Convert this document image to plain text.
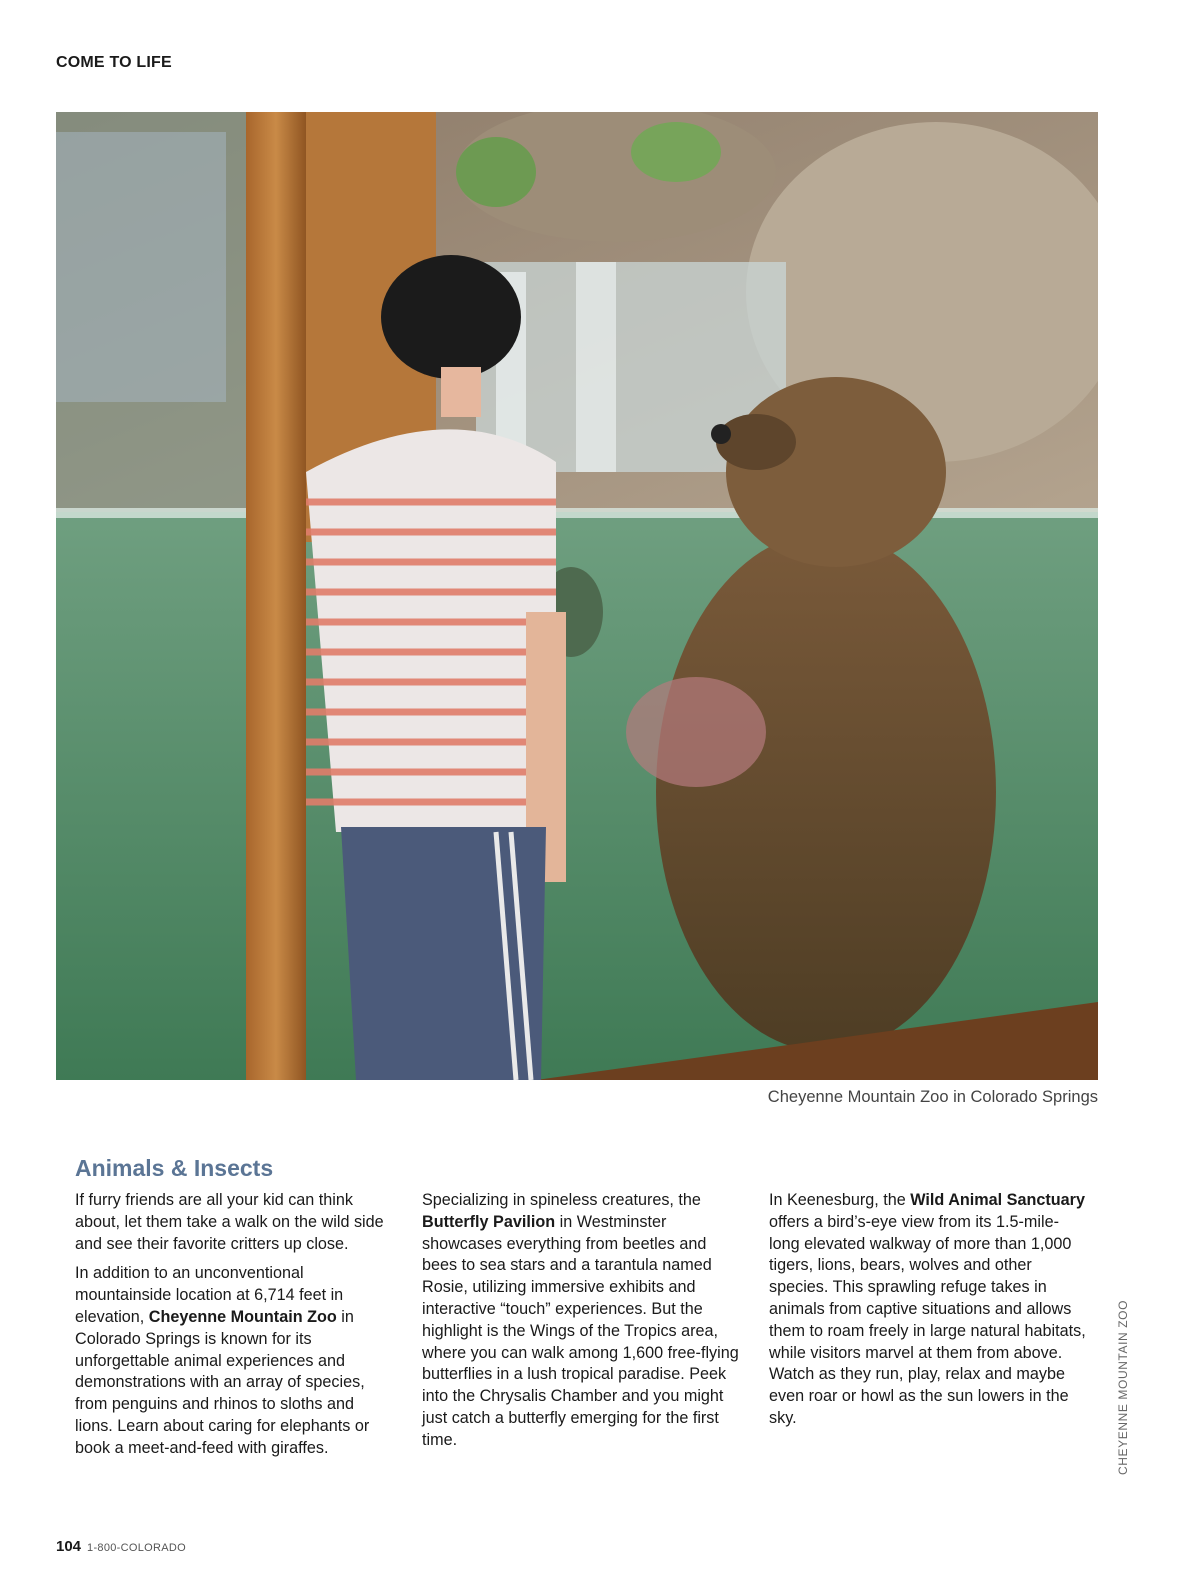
COME TO LIFE
Cheyenne Mountain Zoo in Colorado Springs
Animals & Insects

If furry friends are all your kid can think about, let them take a walk on the wild side and see their favorite critters up close.

In addition to an unconventional mountainside location at 6,714 feet in elevation, Cheyenne Mountain Zoo in Colorado Springs is known for its unforgettable animal experiences and demonstrations with an array of species, from penguins and rhinos to sloths and lions. Learn about caring for elephants or book a meet-and-feed with giraffes.

Specializing in spineless creatures, the Butterfly Pavilion in Westminster showcases everything from beetles and bees to sea stars and a tarantula named Rosie, utilizing immersive exhibits and interactive “touch” experiences. But the highlight is the Wings of the Tropics area, where you can walk among 1,600 free-flying butterflies in a lush tropical paradise. Peek into the Chrysalis Chamber and you might just catch a butterfly emerging for the first time.

In Keenesburg, the Wild Animal Sanctuary offers a bird’s-eye view from its 1.5-mile-long elevated walkway of more than 1,000 tigers, lions, bears, wolves and other species. This sprawling refuge takes in animals from captive situations and allows them to roam freely in large natural habitats, while visitors marvel at them from above. Watch as they run, play, relax and maybe even roar or howl as the sun lowers in the sky.	CHEYENNE MOUNTAIN ZOO
104 1-800-COLORADO
